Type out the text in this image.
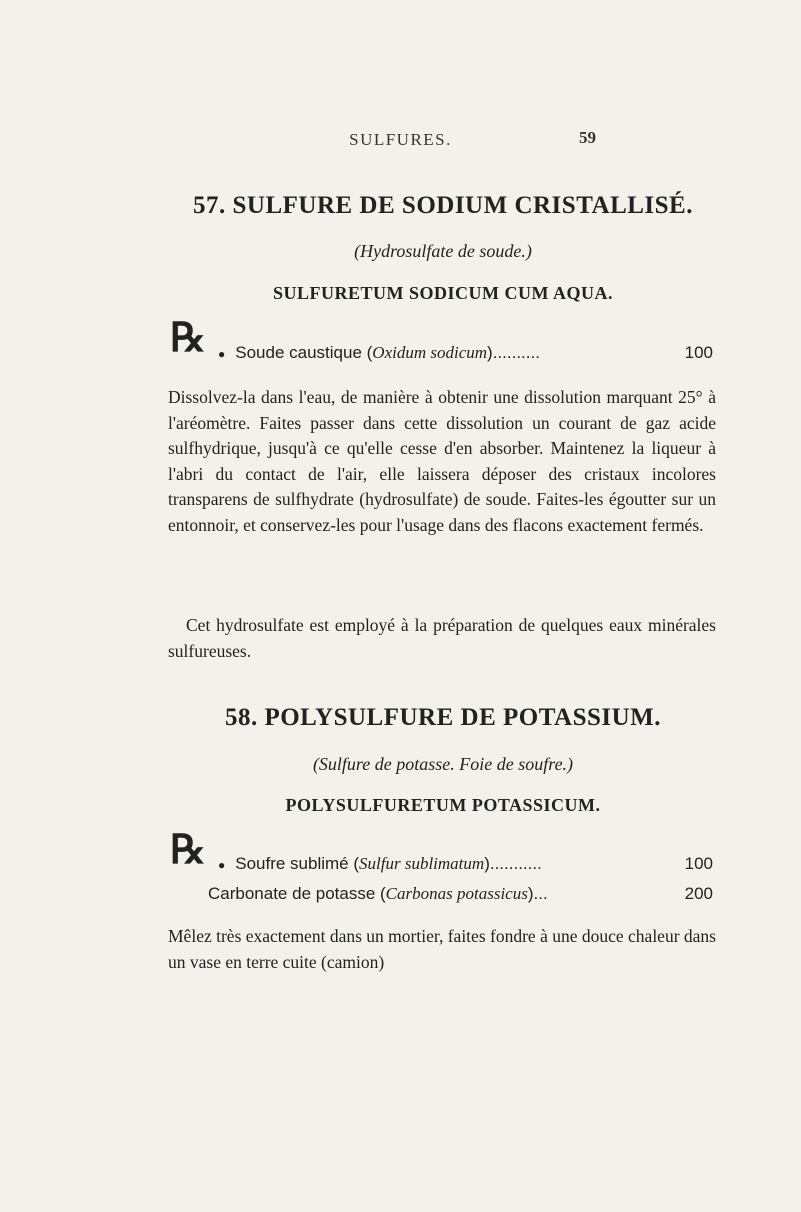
SULFURES.	59
57. SULFURE DE SODIUM CRISTALLISÉ.
(Hydrosulfate de soude.)
SULFURETUM SODICUM CUM AQUA.
℞ ● Soude caustique (Oxidum sodicum)..........	100

Dissolvez-la dans l'eau, de manière à obtenir une dissolution marquant 25° à l'aréomètre. Faites passer dans cette dissolution un courant de gaz acide sulfhydrique, jusqu'à ce qu'elle cesse d'en absorber. Maintenez la liqueur à l'abri du contact de l'air, elle laissera déposer des cristaux incolores transparens de sulfhydrate (hydrosulfate) de soude. Faites-les égoutter sur un entonnoir, et conservez-les pour l'usage dans des flacons exactement fermés.

Cet hydrosulfate est employé à la préparation de quelques eaux minérales sulfureuses.

58. POLYSULFURE DE POTASSIUM.
(Sulfure de potasse. Foie de soufre.)
POLYSULFURETUM POTASSICUM.
℞ ● Soufre sublimé (Sulfur sublimatum)...........	100
Carbonate de potasse (Carbonas potassicus)...	200

Mêlez très exactement dans un mortier, faites fondre à une douce chaleur dans un vase en terre cuite (camion)
